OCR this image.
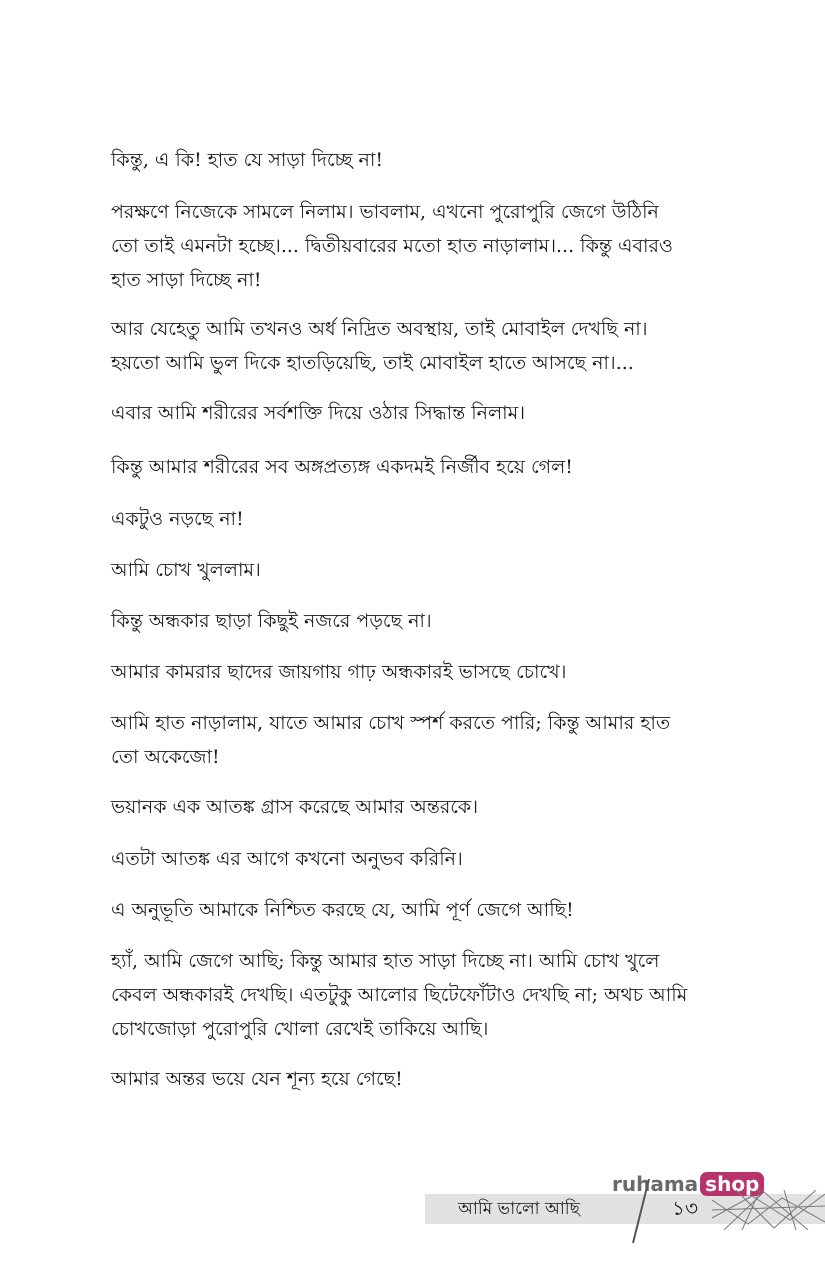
কিন্তু, এ কি! হাত যে সাড়া দিচ্ছে না!

পরক্ষণে নিজেকে সামলে নিলাম। ভাবলাম, এখনো পুরোপুরি জেগে উঠিনি
তো তাই এমনটা হচ্ছে।... দ্বিতীয়বারের মতো হাত নাড়ালাম।... কিন্তু এবারও
হাত সাড়া দিচ্ছে না!

আর যেহেতু আমি তখনও অর্ধ নিদ্রিত অবস্থায়, তাই মোবাইল দেখছি না।
হয়তো আমি ভুল দিকে হাতড়িয়েছি, তাই মোবাইল হাতে আসছে না।...

এবার আমি শরীরের সর্বশক্তি দিয়ে ওঠার সিদ্ধান্ত নিলাম।

কিন্তু আমার শরীরের সব অঙ্গপ্রত্যঙ্গ একদমই নির্জীব হয়ে গেল!

একটুও নড়ছে না!

আমি চোখ খুললাম।

কিন্তু অন্ধকার ছাড়া কিছুই নজরে পড়ছে না।

আমার কামরার ছাদের জায়গায় গাঢ় অন্ধকারই ভাসছে চোখে।

আমি হাত নাড়ালাম, যাতে আমার চোখ স্পর্শ করতে পারি; কিন্তু আমার হাত
তো অকেজো!

ভয়ানক এক আতঙ্ক গ্রাস করেছে আমার অন্তরকে।

এতটা আতঙ্ক এর আগে কখনো অনুভব করিনি।

এ অনুভূতি আমাকে নিশ্চিত করছে যে, আমি পূর্ণ জেগে আছি!

হ্যাঁ, আমি জেগে আছি; কিন্তু আমার হাত সাড়া দিচ্ছে না। আমি চোখ খুলে
কেবল অন্ধকারই দেখছি। এতটুকু আলোর ছিটেফোঁটাও দেখছি না; অথচ আমি
চোখজোড়া পুরোপুরি খোলা রেখেই তাকিয়ে আছি।

আমার অন্তর ভয়ে যেন শূন্য হয়ে গেছে!

ruhama shop
আমি ভালো আছি	১৩
